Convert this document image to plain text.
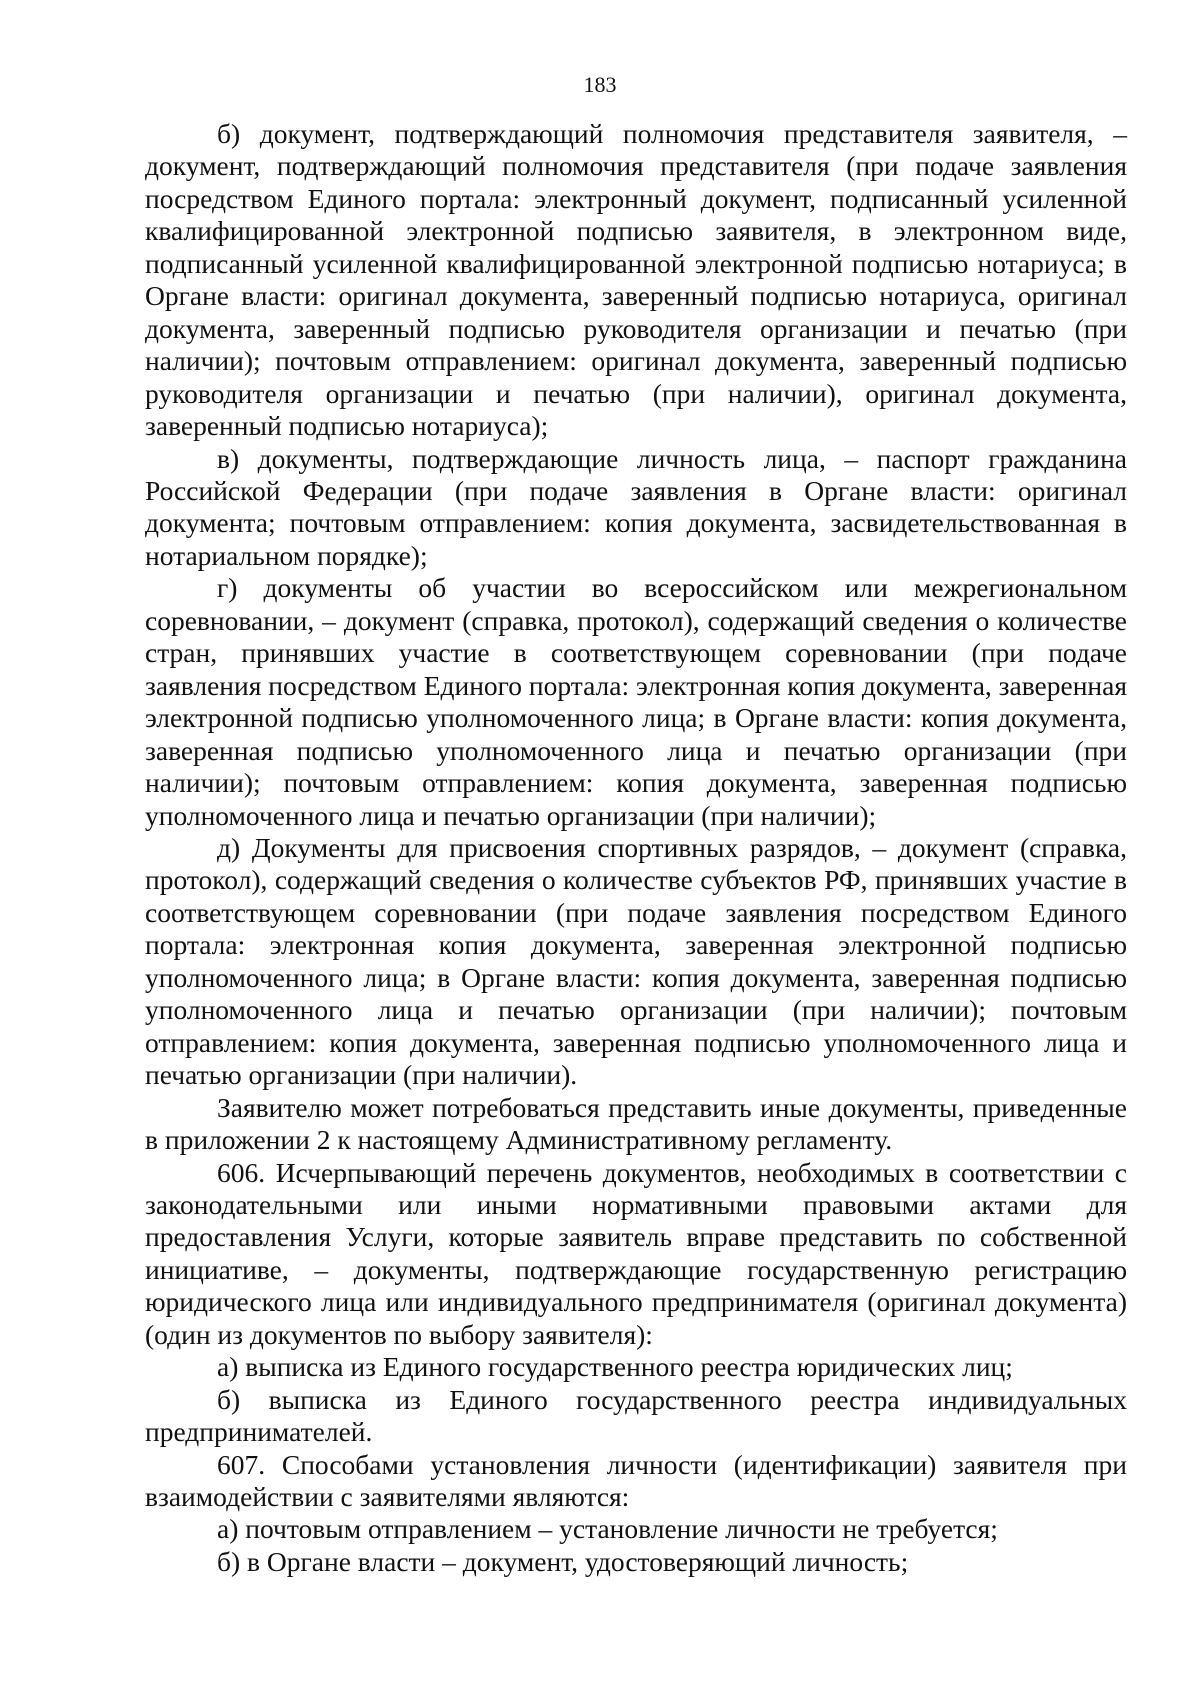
183

б) документ, подтверждающий полномочия представителя заявителя, – документ, подтверждающий полномочия представителя (при подаче заявления посредством Единого портала: электронный документ, подписанный усиленной квалифицированной электронной подписью заявителя, в электронном виде, подписанный усиленной квалифицированной электронной подписью нотариуса; в Органе власти: оригинал документа, заверенный подписью нотариуса, оригинал документа, заверенный подписью руководителя организации и печатью (при наличии); почтовым отправлением: оригинал документа, заверенный подписью руководителя организации и печатью (при наличии), оригинал документа, заверенный подписью нотариуса);

в) документы, подтверждающие личность лица, – паспорт гражданина Российской Федерации (при подаче заявления в Органе власти: оригинал документа; почтовым отправлением: копия документа, засвидетельствованная в нотариальном порядке);

г) документы об участии во всероссийском или межрегиональном соревновании, – документ (справка, протокол), содержащий сведения о количестве стран, принявших участие в соответствующем соревновании (при подаче заявления посредством Единого портала: электронная копия документа, заверенная электронной подписью уполномоченного лица; в Органе власти: копия документа, заверенная подписью уполномоченного лица и печатью организации (при наличии); почтовым отправлением: копия документа, заверенная подписью уполномоченного лица и печатью организации (при наличии);

д) Документы для присвоения спортивных разрядов, – документ (справка, протокол), содержащий сведения о количестве субъектов РФ, принявших участие в соответствующем соревновании (при подаче заявления посредством Единого портала: электронная копия документа, заверенная электронной подписью уполномоченного лица; в Органе власти: копия документа, заверенная подписью уполномоченного лица и печатью организации (при наличии); почтовым отправлением: копия документа, заверенная подписью уполномоченного лица и печатью организации (при наличии).

Заявителю может потребоваться представить иные документы, приведенные в приложении 2 к настоящему Административному регламенту.

606. Исчерпывающий перечень документов, необходимых в соответствии с законодательными или иными нормативными правовыми актами для предоставления Услуги, которые заявитель вправе представить по собственной инициативе, – документы, подтверждающие государственную регистрацию юридического лица или индивидуального предпринимателя (оригинал документа) (один из документов по выбору заявителя):

а) выписка из Единого государственного реестра юридических лиц;

б) выписка из Единого государственного реестра индивидуальных предпринимателей.

607. Способами установления личности (идентификации) заявителя при взаимодействии с заявителями являются:

а) почтовым отправлением – установление личности не требуется;

б) в Органе власти – документ, удостоверяющий личность;
